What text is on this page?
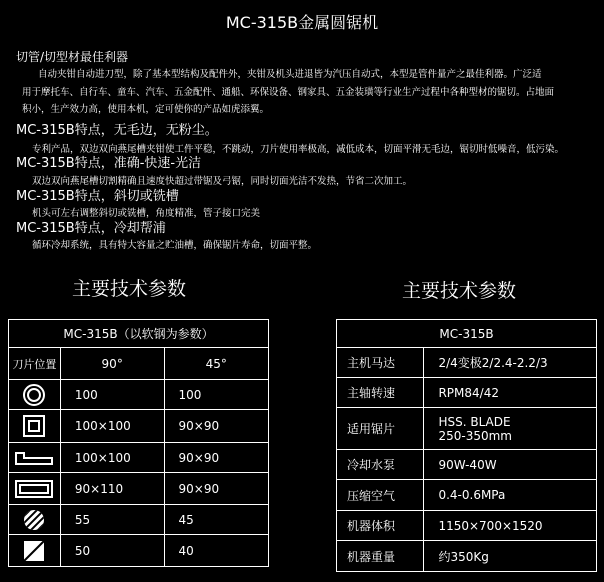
MC-315B金属圆锯机
切管/切型材最佳利器
自动夹钳自动进刀型，除了基本型结构及配件外，夹钳及机头进退皆为汽压自动式，本型是管件量产之最佳利器。广泛适
用于摩托车、自行车、童车、汽车、五金配件、通船、环保设备、钢家具、五金装璜等行业生产过程中各种型材的锯切。占地面
积小，生产效力高，使用本机，定可使你的产品如虎添翼。
MC-315B特点，无毛边，无粉尘。
专利产品，双边双向燕尾槽夹钳使工件平稳，不跳动，刀片使用率极高，减低成本，切面平滑无毛边，锯切时低噪音，低污染。
MC-315B特点，准确-快速-光洁
双边双向燕尾槽切割精确且速度快超过带锯及弓锯，同时切面光洁不发热，节省二次加工。
MC-315B特点，斜切或铣槽
机头可左右调整斜切或铣槽，角度精准，管子接口完美
MC-315B特点，冷却帮浦
循环冷却系统，具有特大容量之贮油槽，确保锯片寿命，切面平整。
主要技术参数	主要技术参数
MC-315B（以软钢为参数）		
刀片位置	90°	45°

	100	100

	100×100	90×90

	100×100	90×90

	90×110	90×90

	55	45

	50	40
MC-315B	
主机马达	2/4变极2/2.4-2.2/3
主轴转速	RPM84/42
适用锯片	HSS. BLADE
250-350mm

冷却水泵	90W-40W
压缩空气	0.4-0.6MPa
机器体积	1150×700×1520
机器重量	约350Kg
